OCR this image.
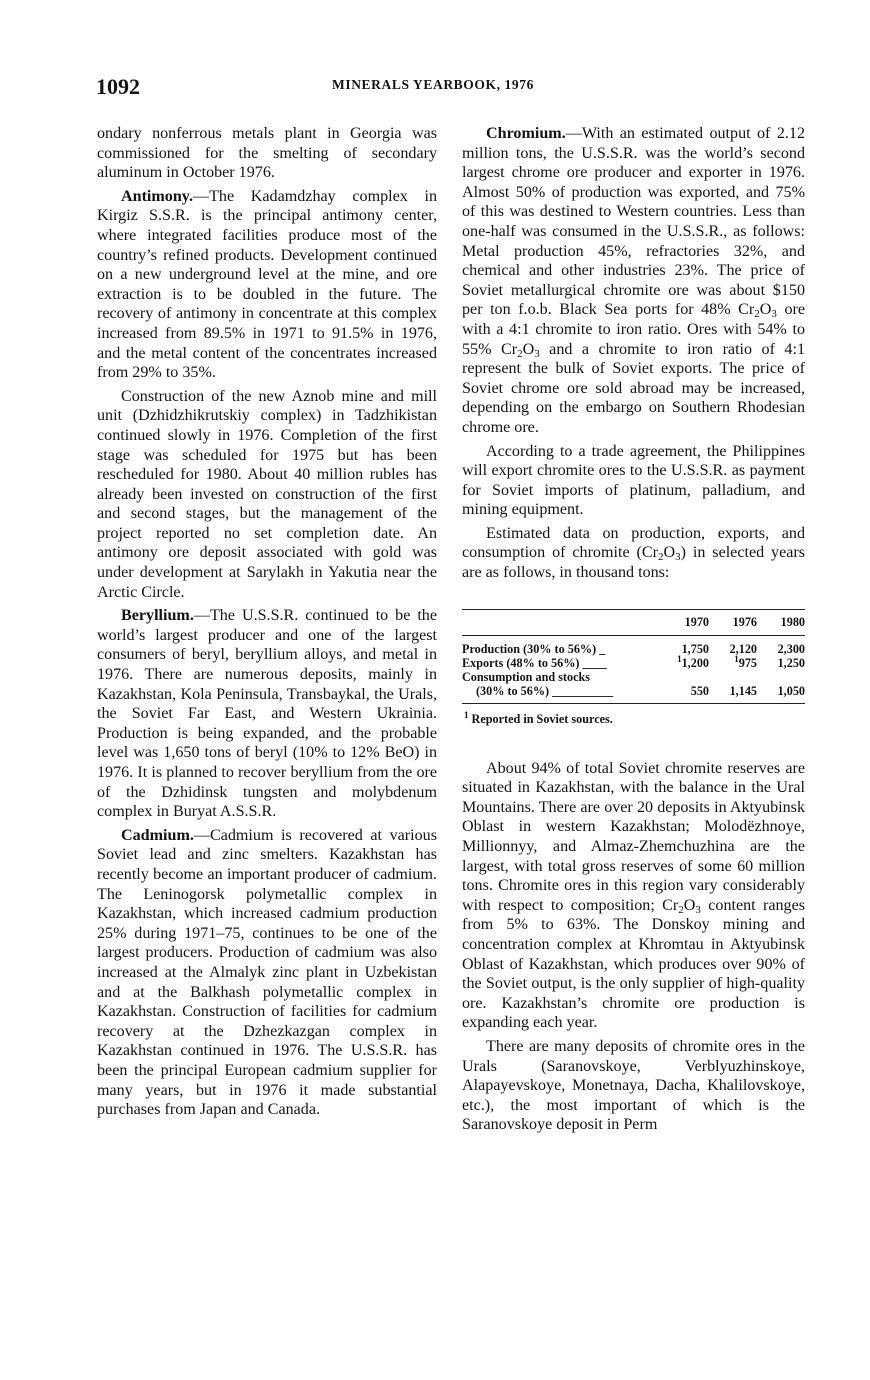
1092	MINERALS YEARBOOK, 1976

ondary nonferrous metals plant in Georgia was commissioned for the smelting of secondary aluminum in October 1976.

Antimony.—The Kadamdzhay complex in Kirgiz S.S.R. is the principal antimony center, where integrated facilities produce most of the country’s refined products. Development continued on a new underground level at the mine, and ore extraction is to be doubled in the future. The recovery of antimony in concentrate at this complex increased from 89.5% in 1971 to 91.5% in 1976, and the metal content of the concentrates increased from 29% to 35%.

Construction of the new Aznob mine and mill unit (Dzhidzhikrutskiy complex) in Tadzhikistan continued slowly in 1976. Completion of the first stage was scheduled for 1975 but has been rescheduled for 1980. About 40 million rubles has already been invested on construction of the first and second stages, but the management of the project reported no set completion date. An antimony ore deposit associated with gold was under development at Sarylakh in Yakutia near the Arctic Circle.

Beryllium.—The U.S.S.R. continued to be the world’s largest producer and one of the largest consumers of beryl, beryllium alloys, and metal in 1976. There are numerous deposits, mainly in Kazakhstan, Kola Peninsula, Transbaykal, the Urals, the Soviet Far East, and Western Ukrainia. Production is being expanded, and the probable level was 1,650 tons of beryl (10% to 12% BeO) in 1976. It is planned to recover beryllium from the ore of the Dzhidinsk tungsten and molybdenum complex in Buryat A.S.S.R.

Cadmium.—Cadmium is recovered at various Soviet lead and zinc smelters. Kazakhstan has recently become an important producer of cadmium. The Leninogorsk polymetallic complex in Kazakhstan, which increased cadmium production 25% during 1971–75, continues to be one of the largest producers. Production of cadmium was also increased at the Almalyk zinc plant in Uzbekistan and at the Balkhash polymetallic complex in Kazakhstan. Construction of facilities for cadmium recovery at the Dzhezkazgan complex in Kazakhstan continued in 1976. The U.S.S.R. has been the principal European cadmium supplier for many years, but in 1976 it made substantial purchases from Japan and Canada.

Chromium.—With an estimated output of 2.12 million tons, the U.S.S.R. was the world’s second largest chrome ore producer and exporter in 1976. Almost 50% of production was exported, and 75% of this was destined to Western countries. Less than one-half was consumed in the U.S.S.R., as follows: Metal production 45%, refractories 32%, and chemical and other industries 23%. The price of Soviet metallurgical chromite ore was about $150 per ton f.o.b. Black Sea ports for 48% $Cr_2O_3$ ore with a 4:1 chromite to iron ratio. Ores with 54% to 55% $Cr_2O_3$ and a chromite to iron ratio of 4:1 represent the bulk of Soviet exports. The price of Soviet chrome ore sold abroad may be increased, depending on the embargo on Southern Rhodesian chrome ore.

According to a trade agreement, the Philippines will export chromite ores to the U.S.S.R. as payment for Soviet imports of platinum, palladium, and mining equipment.

Estimated data on production, exports, and consumption of chromite $(Cr_2O_3)$ in selected years are as follows, in thousand tons:

1970	1976	1980
Production (30% to 56%) _	1,750	2,120	2,300
Exports (48% to 56%) ____	$^1$1,200	$^1$975	1,250
Consumption and stocks
(30% to 56%) __________	550	1,145	1,050
$^1$ Reported in Soviet sources.

About 94% of total Soviet chromite reserves are situated in Kazakhstan, with the balance in the Ural Mountains. There are over 20 deposits in Aktyubinsk Oblast in western Kazakhstan; Molodëzhnoye, Millionnyy, and Almaz-Zhemchuzhina are the largest, with total gross reserves of some 60 million tons. Chromite ores in this region vary considerably with respect to composition; $Cr_2O_3$ content ranges from 5% to 63%. The Donskoy mining and concentration complex at Khromtau in Aktyubinsk Oblast of Kazakhstan, which produces over 90% of the Soviet output, is the only supplier of high-quality ore. Kazakhstan’s chromite ore production is expanding each year.

There are many deposits of chromite ores in the Urals (Saranovskoye, Verblyuzhinskoye, Alapayevskoye, Monetnaya, Dacha, Khalilovskoye, etc.), the most important of which is the Saranovskoye deposit in Perm
